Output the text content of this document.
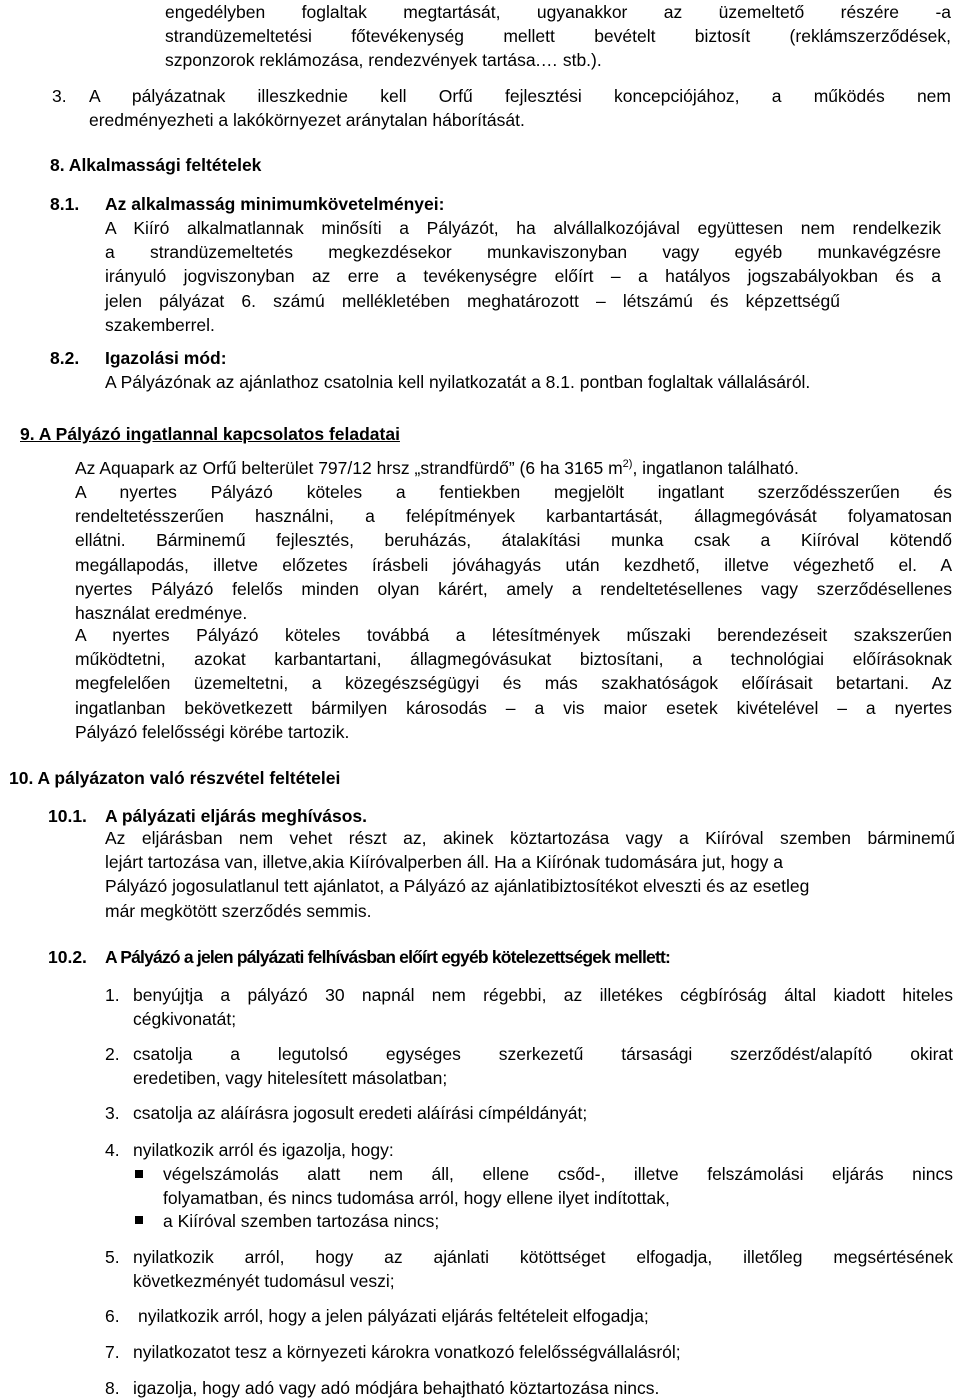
engedélyben foglaltak megtartását, ugyanakkor az üzemeltető részére -a
strandüzemeltetési főtevékenység mellett bevételt biztosít (reklámszerződések,
szponzorok reklámozása, rendezvények tartása.… stb.).
3. A pályázatnak illeszkednie kell Orfű fejlesztési koncepciójához, a működés nem
eredményezheti a lakókörnyezet aránytalan háborítását.
8. Alkalmassági feltételek
8.1. Az alkalmasság minimumkövetelményei:
A Kiíró alkalmatlannak minősíti a Pályázót, ha alvállalkozójával együttesen nem rendelkezik
a strandüzemeltetés megkezdésekor munkaviszonyban vagy egyéb munkavégzésre
irányuló jogviszonyban az erre a tevékenységre előírt – a hatályos jogszabályokban és a
jelen pályázat 6. számú mellékletében meghatározott – létszámú és képzettségű
szakemberrel.
8.2. Igazolási mód:
A Pályázónak az ajánlathoz csatolnia kell nyilatkozatát a 8.1. pontban foglaltak vállalásáról.
9. A Pályázó ingatlannal kapcsolatos feladatai
Az Aquapark az Orfű belterület 797/12 hrsz „strandfürdő” (6 ha 3165 $m^{2)}$, ingatlanon található.
A nyertes Pályázó köteles a fentiekben megjelölt ingatlant szerződésszerűen és
rendeltetésszerűen használni, a felépítmények karbantartását, állagmegóvását folyamatosan
ellátni. Bárminemű fejlesztés, beruházás, átalakítási munka csak a Kiíróval kötendő
megállapodás, illetve előzetes írásbeli jóváhagyás után kezdhető, illetve végezhető el. A
nyertes Pályázó felelős minden olyan kárért, amely a rendeltetésellenes vagy szerződésellenes
használat eredménye.
A nyertes Pályázó köteles továbbá a létesítmények műszaki berendezéseit szakszerűen
működtetni, azokat karbantartani, állagmegóvásukat biztosítani, a technológiai előírásoknak
megfelelően üzemeltetni, a közegészségügyi és más szakhatóságok előírásait betartani. Az
ingatlanban bekövetkezett bármilyen károsodás – a vis maior esetek kivételével – a nyertes
Pályázó felelősségi körébe tartozik.
10. A pályázaton való részvétel feltételei
10.1. A pályázati eljárás meghívásos.
Az eljárásban nem vehet részt az, akinek köztartozása vagy a Kiíróval szemben bárminemű
lejárt tartozása van, illetve,akia Kiíróvalperben áll. Ha a Kiírónak tudomására jut, hogy a
Pályázó jogosulatlanul tett ajánlatot, a Pályázó az ajánlatibiztosítékot elveszti és az esetleg
már megkötött szerződés semmis.
10.2. A Pályázó a jelen pályázati felhívásban előírt egyéb kötelezettségek mellett:
1. benyújtja a pályázó 30 napnál nem régebbi, az illetékes cégbíróság által kiadott hiteles
cégkivonatát;
2. csatolja a legutolsó egységes szerkezetű társasági szerződést/alapító okirat
eredetiben, vagy hitelesített másolatban;
3. csatolja az aláírásra jogosult eredeti aláírási címpéldányát;
4. nyilatkozik arról és igazolja, hogy:
végelszámolás alatt nem áll, ellene csőd-, illetve felszámolási eljárás nincs
folyamatban, és nincs tudomása arról, hogy ellene ilyet indítottak,
a Kiíróval szemben tartozása nincs;
5. nyilatkozik arról, hogy az ajánlati kötöttséget elfogadja, illetőleg megsértésének
következményét tudomásul veszi;
6. nyilatkozik arról, hogy a jelen pályázati eljárás feltételeit elfogadja;
7. nyilatkozatot tesz a környezeti károkra vonatkozó felelősségvállalásról;
8. igazolja, hogy adó vagy adó módjára behajtható köztartozása nincs.
